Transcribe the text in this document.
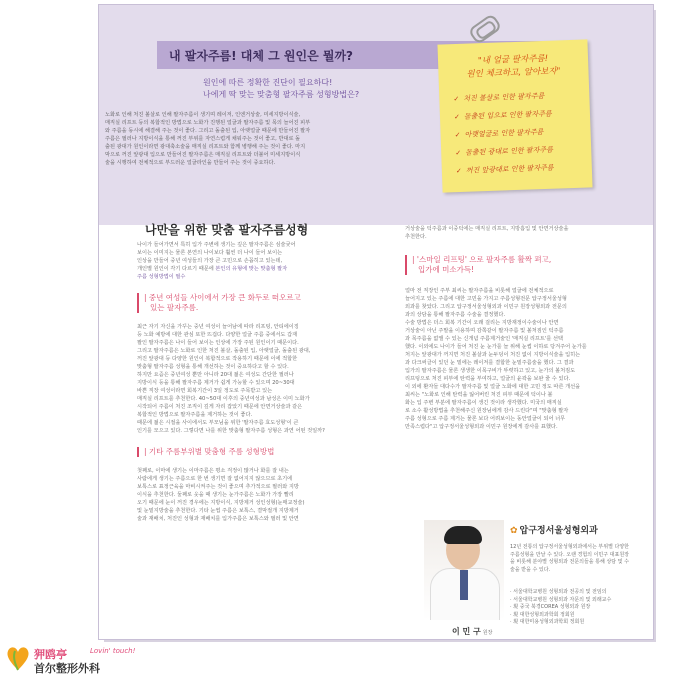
내 팔자주름! 대체 그 원인은 뭘까?
원인에 따른 정확한 진단이 필요하다!
나에게 딱 맞는 맞춤형 팔자주름 성형방법은?
노화로 인해 처진 볼살로 인해 팔자주름이 생기며 레이저, 인엔거상술, 미세지방이식술,
매직실 리프트 등의 복합적인 방법으로 노화가 진행된 얼굴과 팔자주름 및 목의 늘어진 피부
와 주름을 동시에 해결해 주는 것이 좋다. 그리고 돌출된 입, 아랫얼굴 때문에 만들어진 팔자
주름은 필러나 지방이식을 통해 꺼진 부위를 자연스럽게 채워주는 것이 좋고, 반대로 돌
출된 광대가 원인이라면 광대축소술을 매직실 리프트와 함께 병행해 주는 것이 좋다. 마지
막으로 꺼진 앞광대 입으로 만들어진 팔자주름은 매직실 리프트와 더불어 미세지방이식
술을 시행하여 전체적으로 부드러운 얼굴라인을 만들어 주는 것이 중요하다.
나만을 위한 맞춤 팔자주름성형
나이가 들어가면서 특히 입가 주변에 생기는 깊은 팔자주름은 심술궂어
보이는 이미지는 물론 본연의 나이보다 훨씬 더 나이 들어 보이는
인상을 만들어 중년 여성들의 가장 큰 고민으로 손꼽히고 있는데,
개인별 원인이 각기 다르기 때문에 본인의 유형에 맞는 맞춤형 팔자
주름 성형방법이 필수
| 중년 여성들 사이에서 가장 큰 화두로 떠오르고
있는 팔자주름.
최근 자기 자신을 가꾸는 중년 여성이 늘어남에 따라 리프팅, 안티에이징
등 노화 예방에 대한 관심 또한 뜨겁다. 다양한 얼굴 주름 중에서도 갑재
팔인 팔자주름은 나이 들어 보이는 인상에 가장 주된 원인이기 때문이다.
그리고 팔자주름은 노화로 인한 처진 볼살, 돌출된 입, 아랫얼굴, 돌출된 광대,
꺼진 앞광대 등 다양한 원인이 복합적으로 작용하기 때문에 이에 적합한
맞춤형 팔자주름 성형을 통해 개선하는 것이 중요하다고 할 수 있다.
하지만 요즘은 중년여성 뿐만 아니라 20대 젊은 여성도 간단한 필러나
지방이식 등을 통해 팔자주름 제거가 쉽게 가능할 수 있으며 20~30대
바쁜 직장 여성이라면 회복기간이 3일 정도로 주목받고 있는
매직실 리프트를 추천한다. 40~50대 이후의 중년여성과 남성은 이미 노화가
시작되어 주름이 처진 조직이 깊게 자리 잡았기 때문에 안면거상술과 같은
복합적인 방법으로 팔자주름을 제거하는 것이 좋다.
때문에 젊은 시절을 사이에서도 부모님을 위한 '팔자주름 효도성형'이 큰
인기를 모으고 있다. 그렇다면 나를 위한 맞춤형 팔자주름 성형은 과연 어떤 것일까?
| 기타 주름부위별 맞춤형 주름 성형방법
첫째로, 이마에 생기는 이마주름은 평소 걱정이 많거나 화를 잘 내는
사람에게 생기는 주름으로 한 번 생기면 잘 없어지지 않으므로 초기에
보톡스로 표정근육을 마비시켜주는 것이 좋으며 추가적으로 필러와 지방
이식을 추천한다. 둘째로 웃을 때 생기는 눈가주름은 노화가 가장 빨리
오기 때문에 눈이 꺼진 경우에는 지방이식, 지방제거 성인성형(눈매교정술)
및 눈밑지방술을 추천한다. 기타 눈썹 주름은 보톡스, 결막절개 지방제거
술과 재배치, 처진인 성형과 재배치를 입가주름은 보톡스와 필러 및 안면
거상술을 턱주름과 이중턱에는 매직실 리프트, 지방흡입 및 안면거상술을
추천한다.
| '스마일 리프팅' 으로 팔자주름 활짝 펴고,
입가에 미소가득!
얼마 전 직장인 주부 최씨는 팔자주름을 비롯해 얼굴에 전체적으로
늘어지고 있는 주름에 대한 고민을 가지고 주름성형전문 압구정서울성형
외과를 찾았다. 그리고 압구정서울성형외과 이민구 원장성형외과 전문의
과의 상담을 통해 팔자주름 수술을 결정했다.
수술 방법은 더스 회복 기간이 오래 걸리는 지방재정이수술이나 안면
거상술이 아닌 주말을 이용하며 감쪽같이 팔자주름 및 볼처짐인 턱주름
과 목주름을 없앨 수 있는 신개념 주름제거술인 '매직실 리프트'를 선택
했다. 이외에도 나이가 들어 처진 눈 눈가를 늘 위해 눈썹 이하로 당겨주어 눈가를
처지는 앞광대가 꺼지면 처진 볼살과 눈두덩이 처진 없이 지방이식술을 입히는
과 다크써클이 있던 눈 밑에는 레이저를 결합한 눈밑주름술을 했다. 그 결과
입가의 팔자주름은 물론 생생한 이목구비가 뚜렷하고 있고, 눈가의 볼처짐도
리프팅으로 처진 피부에 탄력을 부여하고, 얼굴의 윤곽을 보완 줄 수 있다.
이 외에 환자들 대다수가 팔자주름 및 얼굴 노화에 대한 고민 정도 따른 개선을
최씨는 "노화로 인해 탄력을 잃어버린 처진 피부 때문에 턱이나 볼
화는 입 주변 부분에 팔자주름이 생긴 것이라 생각했다. 미국의 매직실
로 소수 활성방법을 추천해주신 원장님에게 감사 드린다"며 "맞춤형 팔자
주름 성형으로 주름 제거는 물론 보다 어려보이는 동안얼굴이 되어 너무
만족스럽다"고 압구정서울성형외과 이민구 원장에게 감사를 표했다.
"내 얼굴 팔자주름!
원인 체크하고, 알아보자"
✓ 처진 볼살로 인한 팔자주름
✓ 돌출된 입으로 인한 팔자주름
✓ 아랫얼굴로 인한 팔자주름
✓ 돌출된 광대로 인한 팔자주름
✓ 꺼진 앞광대로 인한 팔자주름
✿ 압구정서울성형외과
12년 전통의 압구정서울성형외과에서는 부위별 다양한
주름성형을 만날 수 있다. 오랜 경험의 이민구 대표원장
을 비롯해 분야별 성형외과 전문의들을 통해 상담 및 수
술을 받을 수 있다.
· 서울대학교병원 성형외과 전공의 및 전임의
· 서울대학교병원 성형외과 자문의 및 외래교수
· 現 중국 북경COREA 성형외과 원장
· 現 대한성형외과학회 정회원
· 現 대한미용성형외과학회 정회원
이 민 구 원장
狎鸥亭	Lovin' touch!
首尔整形外科
